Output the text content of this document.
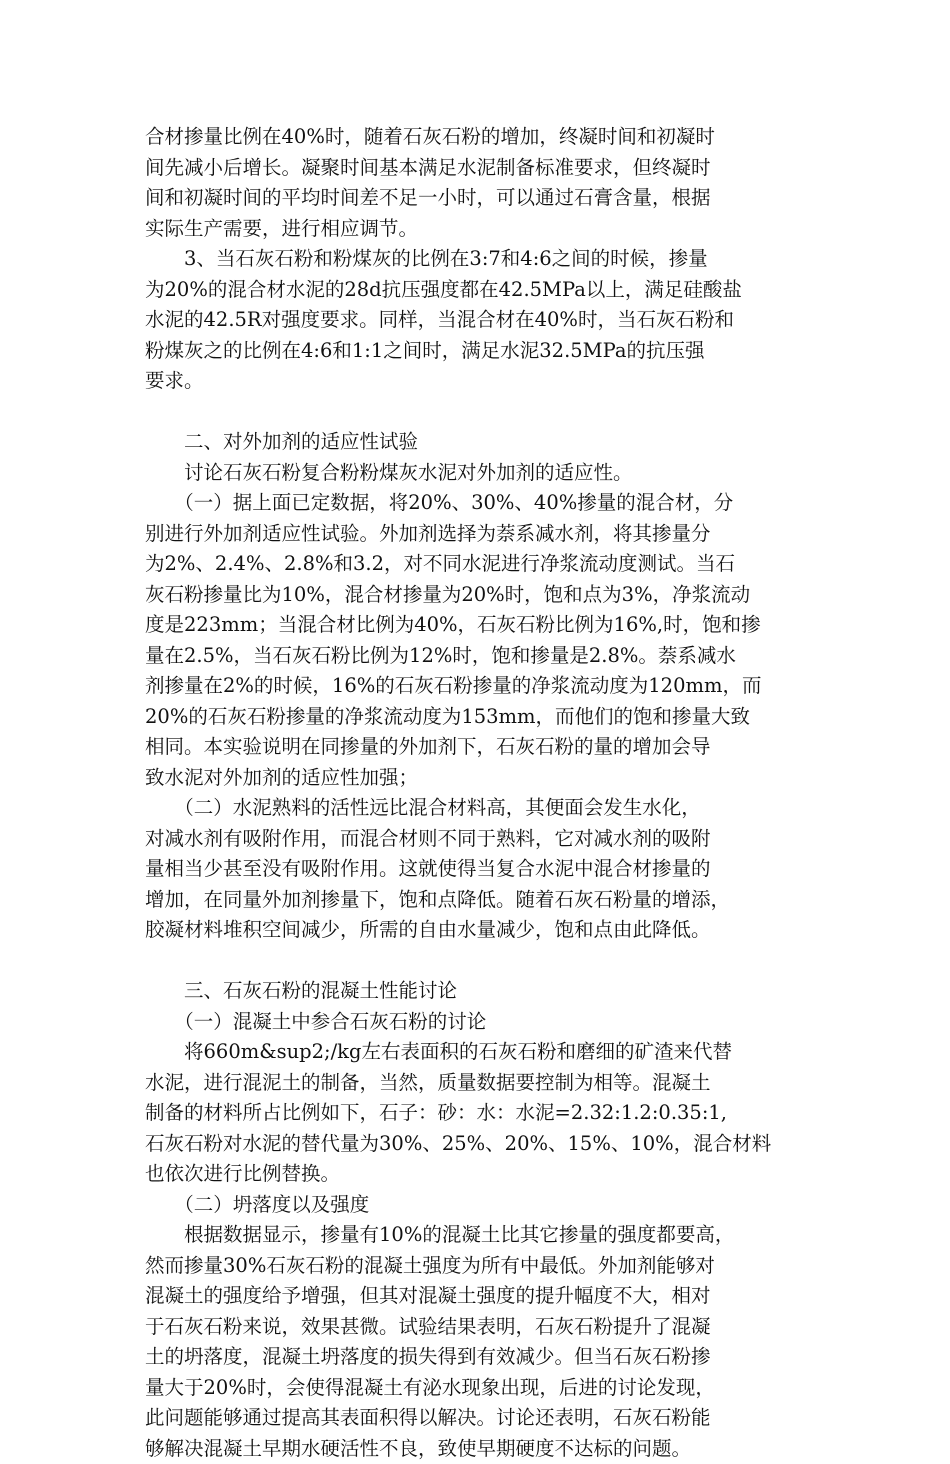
合材掺量比例在40%时，随着石灰石粉的增加，终凝时间和初凝时
间先减小后增长。凝聚时间基本满足水泥制备标准要求，但终凝时
间和初凝时间的平均时间差不足一小时，可以通过石膏含量，根据
实际生产需要，进行相应调节。
　　3、当石灰石粉和粉煤灰的比例在3:7和4:6之间的时候，掺量
为20%的混合材水泥的28d抗压强度都在42.5MPa以上，满足硅酸盐
水泥的42.5R对强度要求。同样，当混合材在40%时，当石灰石粉和
粉煤灰之的比例在4:6和1:1之间时，满足水泥32.5MPa的抗压强
要求。
　　二、对外加剂的适应性试验
　　讨论石灰石粉复合粉粉煤灰水泥对外加剂的适应性。
　　（一）据上面已定数据，将20%、30%、40%掺量的混合材，分
别进行外加剂适应性试验。外加剂选择为萘系减水剂，将其掺量分
为2%、2.4%、2.8%和3.2，对不同水泥进行净浆流动度测试。当石
灰石粉掺量比为10%，混合材掺量为20%时，饱和点为3%，净浆流动
度是223mm；当混合材比例为40%，石灰石粉比例为16%,时，饱和掺
量在2.5%，当石灰石粉比例为12%时，饱和掺量是2.8%。萘系减水
剂掺量在2%的时候，16%的石灰石粉掺量的净浆流动度为120mm，而
20%的石灰石粉掺量的净浆流动度为153mm，而他们的饱和掺量大致
相同。本实验说明在同掺量的外加剂下，石灰石粉的量的增加会导
致水泥对外加剂的适应性加强；
　　（二）水泥熟料的活性远比混合材料高，其便面会发生水化，
对减水剂有吸附作用，而混合材则不同于熟料，它对减水剂的吸附
量相当少甚至没有吸附作用。这就使得当复合水泥中混合材掺量的
增加，在同量外加剂掺量下，饱和点降低。随着石灰石粉量的增添，
胶凝材料堆积空间减少，所需的自由水量减少，饱和点由此降低。
　　三、石灰石粉的混凝土性能讨论
　　（一）混凝土中参合石灰石粉的讨论
　　将660m&sup2;/kg左右表面积的石灰石粉和磨细的矿渣来代替
水泥，进行混泥土的制备，当然，质量数据要控制为相等。混凝土
制备的材料所占比例如下，石子：砂：水：水泥=2.32:1.2:0.35:1,
石灰石粉对水泥的替代量为30%、25%、20%、15%、10%，混合材料
也依次进行比例替换。
　　（二）坍落度以及强度
　　根据数据显示，掺量有10%的混凝土比其它掺量的强度都要高，
然而掺量30%石灰石粉的混凝土强度为所有中最低。外加剂能够对
混凝土的强度给予增强，但其对混凝土强度的提升幅度不大，相对
于石灰石粉来说，效果甚微。试验结果表明，石灰石粉提升了混凝
土的坍落度，混凝土坍落度的损失得到有效减少。但当石灰石粉掺
量大于20%时，会使得混凝土有泌水现象出现，后进的讨论发现，
此问题能够通过提高其表面积得以解决。讨论还表明，石灰石粉能
够解决混凝土早期水硬活性不良，致使早期硬度不达标的问题。
